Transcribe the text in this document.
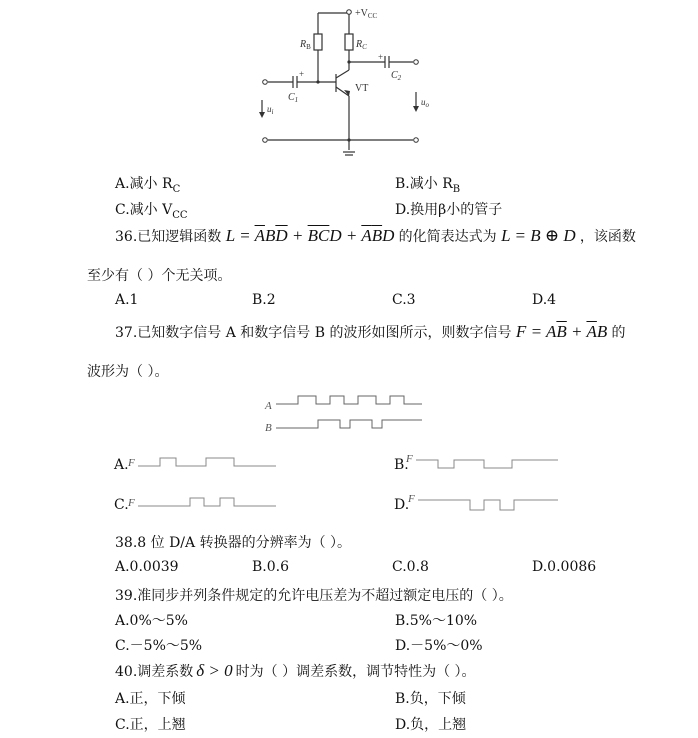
$+V_{CC}$
$R_B$	$R_C$
+
$C_2$
+
$C_1$
VT
$u_i$
$u_o$
A.减小 $R_C$	B.减小 $R_B$
C.减小 $V_{CC}$	D.换用β小的管子
36.已知逻辑函数 $L = \overline{A}B\overline{D} + \overline{B}\overline{C}D + \overline{A}\overline{B}D$ 的化简表达式为 L = B ⊕ D ，该函数
至少有（ ）个无关项。
A.1	B.2	C.3	D.4
37.已知数字信号 A 和数字信号 B 的波形如图所示，则数字信号 $F = A\overline{B} + \overline{A}B$ 的
波形为（ ）。
A
B
A. F	B.
F
C. F	D.
F
38.8 位 D/A 转换器的分辨率为（ ）。
A.0.0039	B.0.6	C.0.8	D.0.0086
39.准同步并列条件规定的允许电压差为不超过额定电压的（ ）。
A.0%～5%	B.5%～10%
C.－5%～5%	D.－5%～0%
40.调差系数 δ > 0 时为（ ）调差系数，调节特性为（ ）。
A.正，下倾	B.负，下倾
C.正，上翘	D.负，上翘
